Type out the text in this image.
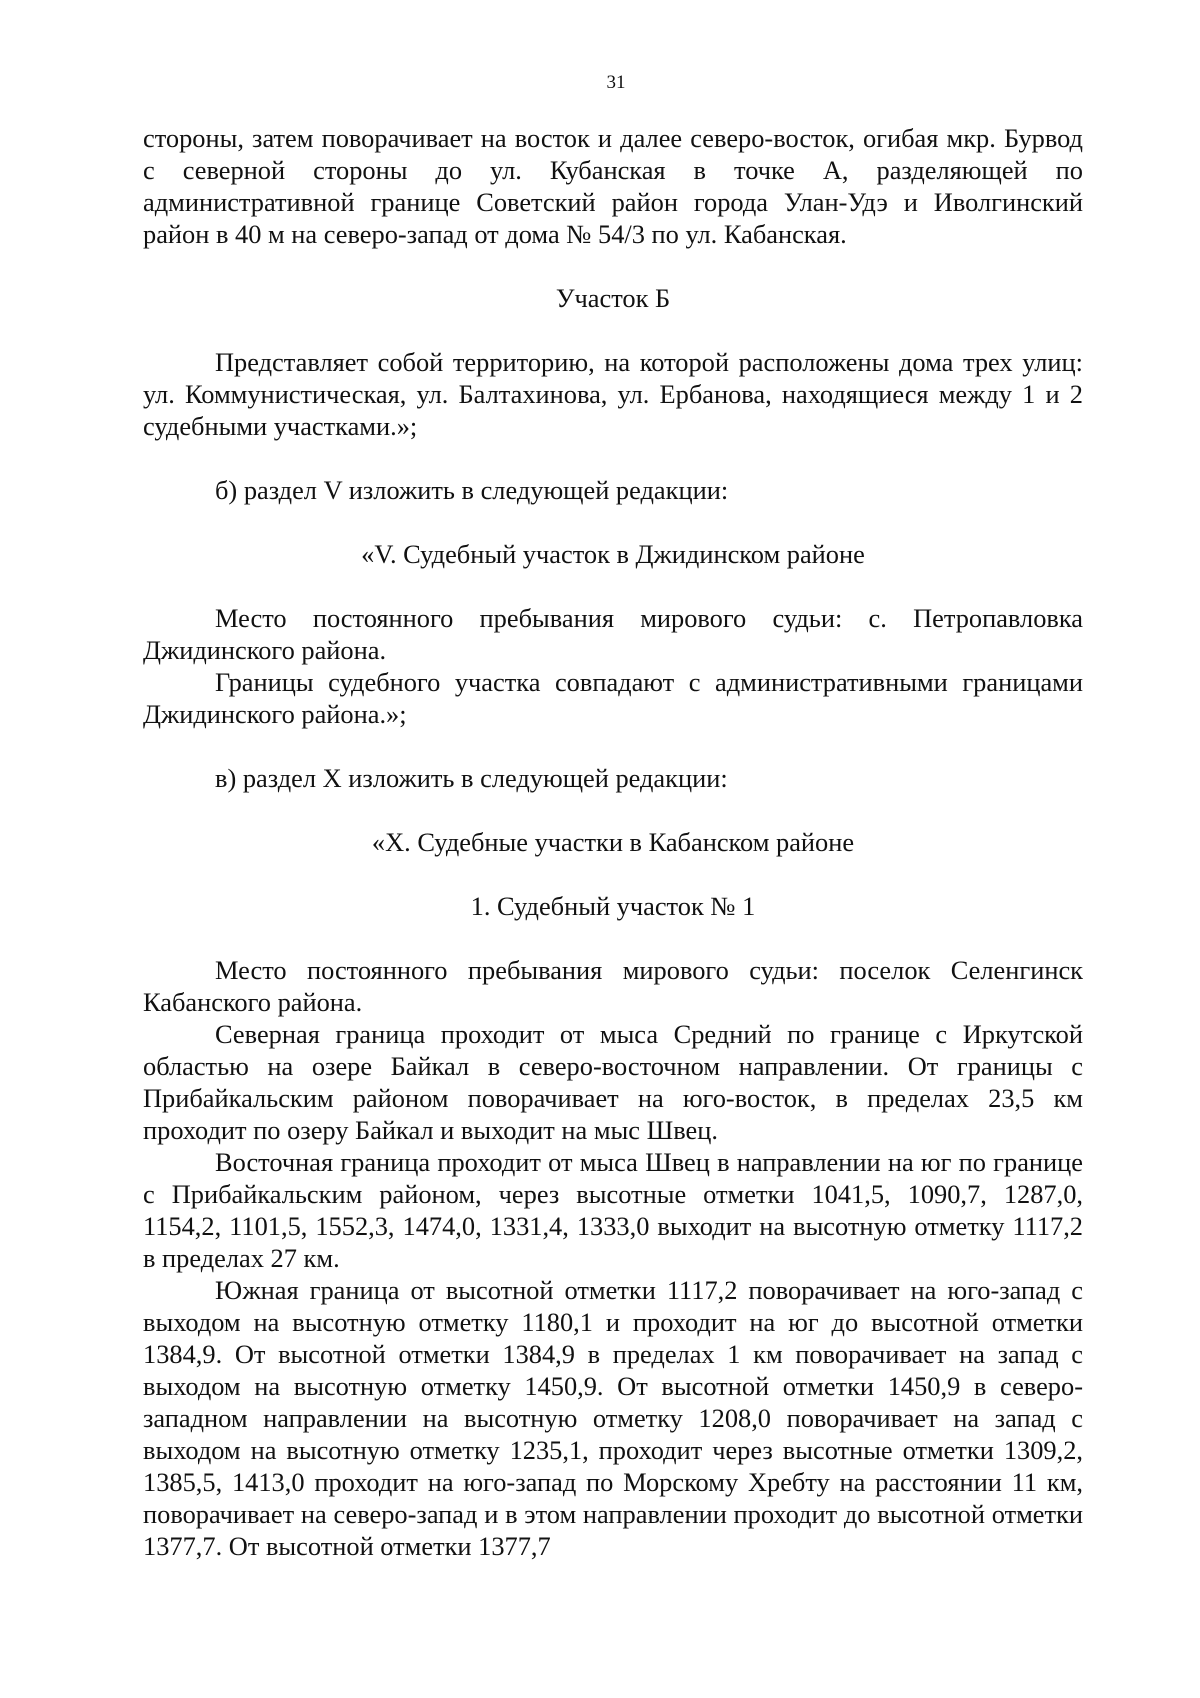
31

стороны, затем поворачивает на восток и далее северо-восток, огибая мкр. Бурвод с северной стороны до ул. Кубанская в точке А, разделяющей по административной границе Советский район города Улан-Удэ и Иволгинский район в 40 м на северо-запад от дома № 54/3 по ул. Кабанская.

Участок Б

Представляет собой территорию, на которой расположены дома трех улиц: ул. Коммунистическая, ул. Балтахинова, ул. Ербанова, находящиеся между 1 и 2 судебными участками.»;

б) раздел V изложить в следующей редакции:

«V. Судебный участок в Джидинском районе

Место постоянного пребывания мирового судьи: с. Петропавловка Джидинского района.

Границы судебного участка совпадают с административными границами Джидинского района.»;

в) раздел X изложить в следующей редакции:

«X. Судебные участки в Кабанском районе

1. Судебный участок № 1

Место постоянного пребывания мирового судьи: поселок Селенгинск Кабанского района.

Северная граница проходит от мыса Средний по границе с Иркутской областью на озере Байкал в северо-восточном направлении. От границы с Прибайкальским районом поворачивает на юго-восток, в пределах 23,5 км проходит по озеру Байкал и выходит на мыс Швец.

Восточная граница проходит от мыса Швец в направлении на юг по границе с Прибайкальским районом, через высотные отметки 1041,5, 1090,7, 1287,0, 1154,2, 1101,5, 1552,3, 1474,0, 1331,4, 1333,0 выходит на высотную отметку 1117,2 в пределах 27 км.

Южная граница от высотной отметки 1117,2 поворачивает на юго-запад с выходом на высотную отметку 1180,1 и проходит на юг до высотной отметки 1384,9. От высотной отметки 1384,9 в пределах 1 км поворачивает на запад с выходом на высотную отметку 1450,9. От высотной отметки 1450,9 в северо-западном направлении на высотную отметку 1208,0 поворачивает на запад с выходом на высотную отметку 1235,1, проходит через высотные отметки 1309,2, 1385,5, 1413,0 проходит на юго-запад по Морскому Хребту на расстоянии 11 км, поворачивает на северо-запад и в этом направлении проходит до высотной отметки 1377,7. От высотной отметки 1377,7
